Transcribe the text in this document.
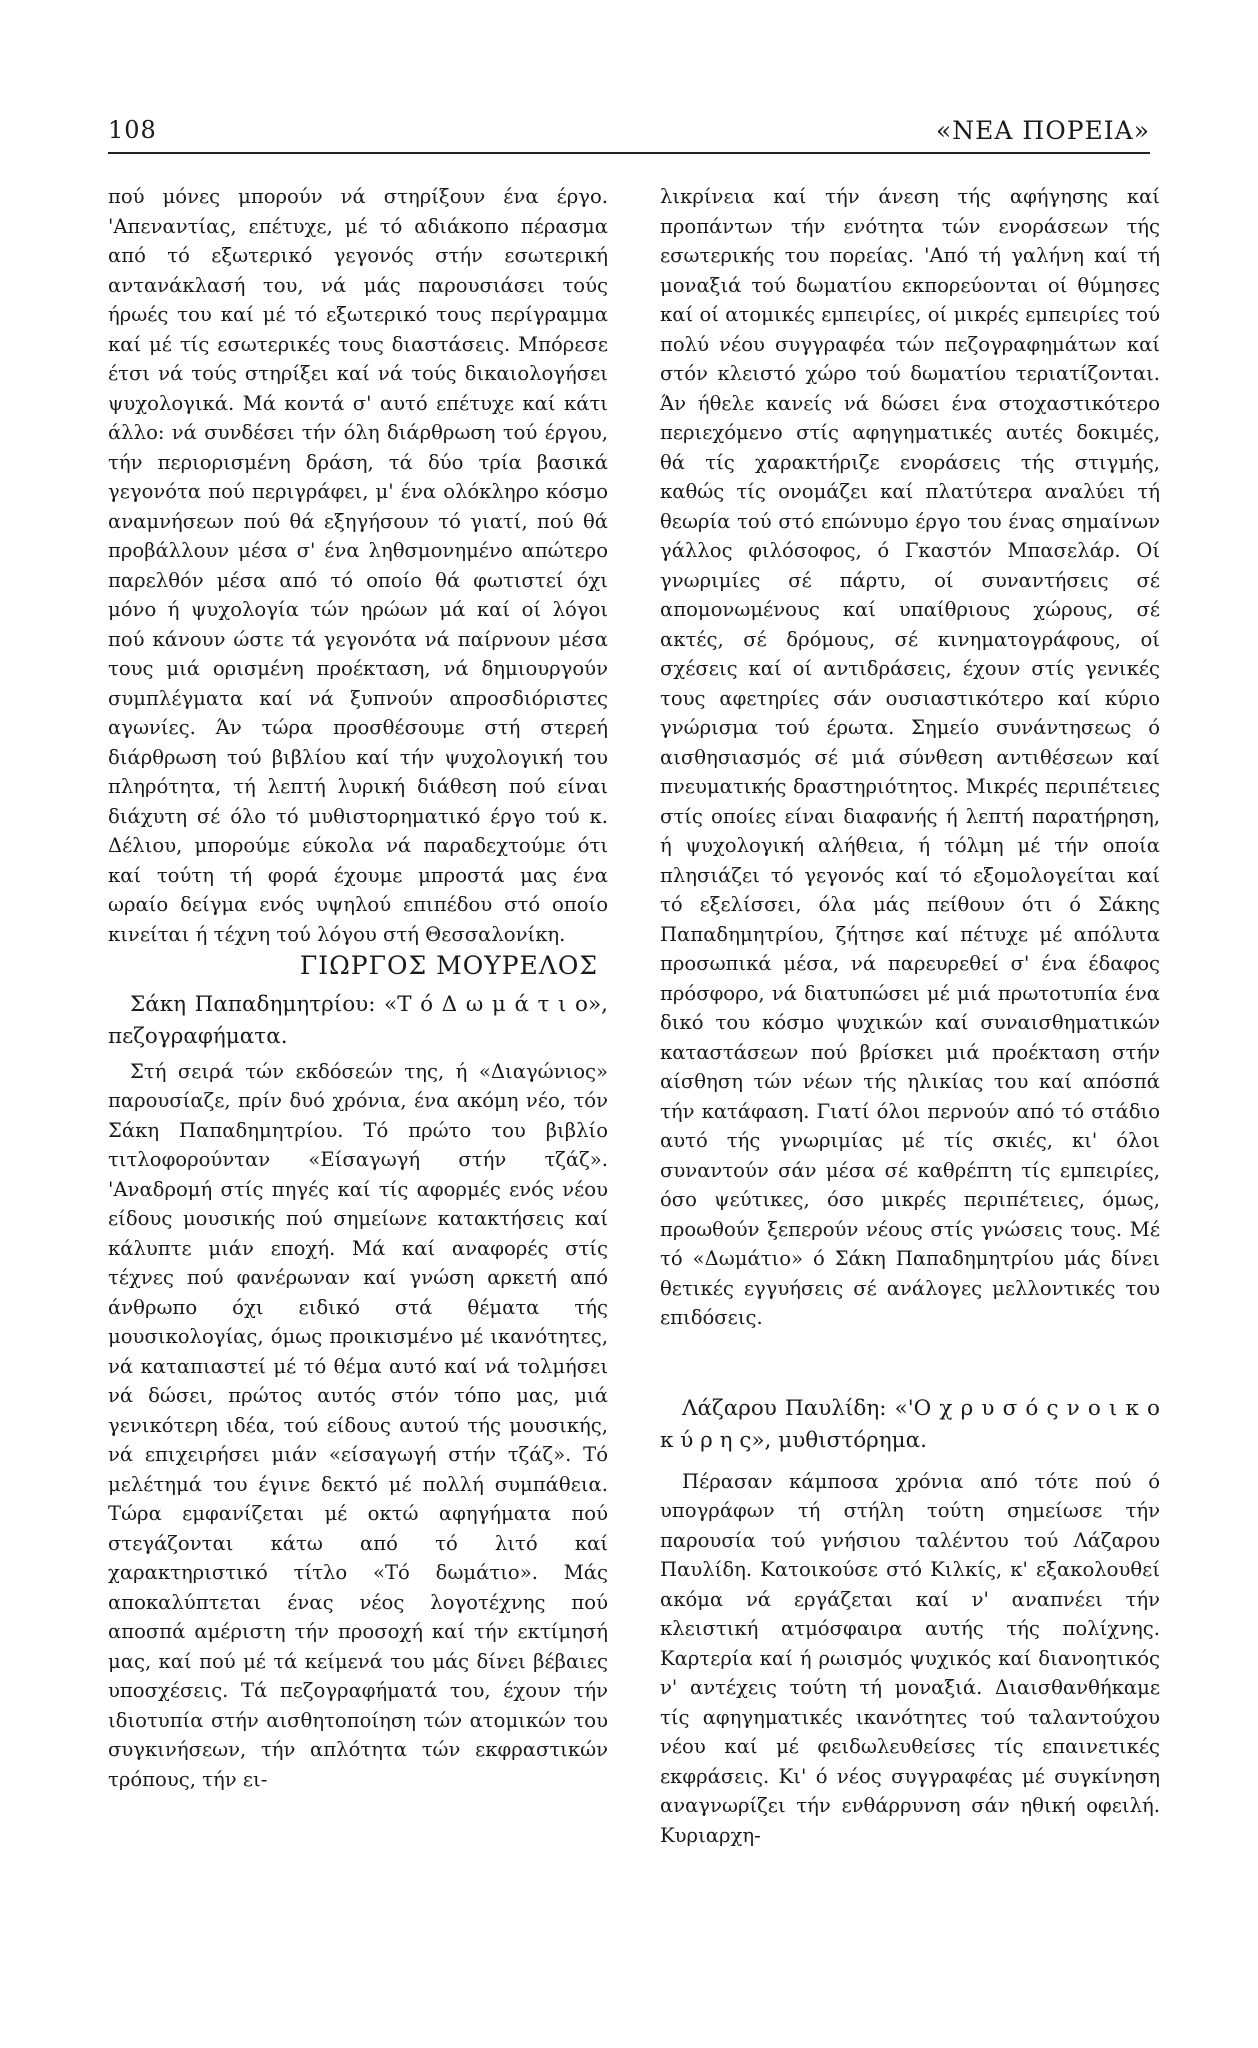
108	«ΝΕΑ ΠΟΡΕΙΑ»

πού μόνες μπορούν νά στηρίξουν ένα έργο. 'Απεναντίας, επέτυχε, μέ τό αδιάκοπο πέρασμα από τό εξωτερικό γεγονός στήν εσωτερική αντανάκλασή του, νά μάς παρουσιάσει τούς ήρωές του καί μέ τό εξωτερικό τους περίγραμμα καί μέ τίς εσωτερικές τους διαστάσεις. Μπόρεσε έτσι νά τούς στηρίξει καί νά τούς δικαιολογήσει ψυχολογικά. Μά κοντά σ' αυτό επέτυχε καί κάτι άλλο: νά συνδέσει τήν όλη διάρθρωση τού έργου, τήν περιορισμένη δράση, τά δύο τρία βασικά γεγονότα πού περιγράφει, μ' ένα ολόκληρο κόσμο αναμνήσεων πού θά εξηγήσουν τό γιατί, πού θά προβάλλουν μέσα σ' ένα ληθσμονημένο απώτερο παρελθόν μέσα από τό οποίο θά φωτιστεί όχι μόνο ή ψυχολογία τών ηρώων μά καί οί λόγοι πού κάνουν ώστε τά γεγονότα νά παίρνουν μέσα τους μιά ορισμένη προέκταση, νά δημιουργούν συμπλέγματα καί νά ξυπνούν απροσδιόριστες αγωνίες. Άν τώρα προσθέσουμε στή στερεή διάρθρωση τού βιβλίου καί τήν ψυχολογική του πληρότητα, τή λεπτή λυρική διάθεση πού είναι διάχυτη σέ όλο τό μυθιστορηματικό έργο τού κ. Δέλιου, μπορούμε εύκολα νά παραδεχτούμε ότι καί τούτη τή φορά έχουμε μπροστά μας ένα ωραίο δείγμα ενός υψηλού επιπέδου στό οποίο κινείται ή τέχνη τού λόγου στή Θεσσαλονίκη.

ΓΙΩΡΓΟΣ ΜΟΥΡΕΛΟΣ

Σάκη Παπαδημητρίου: «Τ ό Δ ω μ ά τ ι ο», πεζογραφήματα.

Στή σειρά τών εκδόσεών της, ή «Διαγώνιος» παρουσίαζε, πρίν δυό χρόνια, ένα ακόμη νέο, τόν Σάκη Παπαδημητρίου. Τό πρώτο του βιβλίο τιτλοφορούνταν «Είσαγωγή στήν τζάζ». 'Αναδρομή στίς πηγές καί τίς αφορμές ενός νέου είδους μουσικής πού σημείωνε κατακτήσεις καί κάλυπτε μιάν εποχή. Μά καί αναφορές στίς τέχνες πού φανέρωναν καί γνώση αρκετή από άνθρωπο όχι ειδικό στά θέματα τής μουσικολογίας, όμως προικισμένο μέ ικανότητες, νά καταπιαστεί μέ τό θέμα αυτό καί νά τολμήσει νά δώσει, πρώτος αυτός στόν τόπο μας, μιά γενικότερη ιδέα, τού είδους αυτού τής μουσικής, νά επιχειρήσει μιάν «είσαγωγή στήν τζάζ». Τό μελέτημά του έγινε δεκτό μέ πολλή συμπάθεια. Τώρα εμφανίζεται μέ οκτώ αφηγήματα πού στεγάζονται κάτω από τό λιτό καί χαρακτηριστικό τίτλο «Τό δωμάτιο». Μάς αποκαλύπτεται ένας νέος λογοτέχνης πού αποσπά αμέριστη τήν προσοχή καί τήν εκτίμησή μας, καί πού μέ τά κείμενά του μάς δίνει βέβαιες υποσχέσεις. Τά πεζογραφήματά του, έχουν τήν ιδιοτυπία στήν αισθητοποίηση τών ατομικών του συγκινήσεων, τήν απλότητα τών εκφραστικών τρόπους, τήν ει-

λικρίνεια καί τήν άνεση τής αφήγησης καί προπάντων τήν ενότητα τών ενοράσεων τής εσωτερικής του πορείας. 'Από τή γαλήνη καί τή μοναξιά τού δωματίου εκπορεύονται οί θύμησες καί οί ατομικές εμπειρίες, οί μικρές εμπειρίες τού πολύ νέου συγγραφέα τών πεζογραφημάτων καί στόν κλειστό χώρο τού δωματίου τεριατίζονται. Άν ήθελε κανείς νά δώσει ένα στοχαστικότερο περιεχόμενο στίς αφηγηματικές αυτές δοκιμές, θά τίς χαρακτήριζε ενοράσεις τής στιγμής, καθώς τίς ονομάζει καί πλατύτερα αναλύει τή θεωρία τού στό επώνυμο έργο του ένας σημαίνων γάλλος φιλόσοφος, ό Γκαστόν Μπασελάρ. Οί γνωριμίες σέ πάρτυ, οί συναντήσεις σέ απομονωμένους καί υπαίθριους χώρους, σέ ακτές, σέ δρόμους, σέ κινηματογράφους, οί σχέσεις καί οί αντιδράσεις, έχουν στίς γενικές τους αφετηρίες σάν ουσιαστικότερο καί κύριο γνώρισμα τού έρωτα. Σημείο συνάντησεως ό αισθησιασμός σέ μιά σύνθεση αντιθέσεων καί πνευματικής δραστηριότητος. Μικρές περιπέτειες στίς οποίες είναι διαφανής ή λεπτή παρατήρηση, ή ψυχολογική αλήθεια, ή τόλμη μέ τήν οποία πλησιάζει τό γεγονός καί τό εξομολογείται καί τό εξελίσσει, όλα μάς πείθουν ότι ό Σάκης Παπαδημητρίου, ζήτησε καί πέτυχε μέ απόλυτα προσωπικά μέσα, νά παρευρεθεί σ' ένα έδαφος πρόσφορο, νά διατυπώσει μέ μιά πρωτοτυπία ένα δικό του κόσμο ψυχικών καί συναισθηματικών καταστάσεων πού βρίσκει μιά προέκταση στήν αίσθηση τών νέων τής ηλικίας του καί απόσπά τήν κατάφαση. Γιατί όλοι περνούν από τό στάδιο αυτό τής γνωριμίας μέ τίς σκιές, κι' όλοι συναντούν σάν μέσα σέ καθρέπτη τίς εμπειρίες, όσο ψεύτικες, όσο μικρές περιπέτειες, όμως, προωθούν ξεπερούν νέους στίς γνώσεις τους. Μέ τό «Δωμάτιο» ό Σάκη Παπαδημητρίου μάς δίνει θετικές εγγυήσεις σέ ανάλογες μελλοντικές του επιδόσεις.

Λάζαρου Παυλίδη: «'Ο χ ρ υ σ ό ς ν ο ι κ ο κ ύ ρ η ς», μυθιστόρημα.

Πέρασαν κάμποσα χρόνια από τότε πού ό υπογράφων τή στήλη τούτη σημείωσε τήν παρουσία τού γνήσιου ταλέντου τού Λάζαρου Παυλίδη. Κατοικούσε στό Κιλκίς, κ' εξακολουθεί ακόμα νά εργάζεται καί ν' αναπνέει τήν κλειστική ατμόσφαιρα αυτής τής πολίχνης. Καρτερία καί ή ρωισμός ψυχικός καί διανοητικός ν' αντέχεις τούτη τή μοναξιά. Διαισθανθήκαμε τίς αφηγηματικές ικανότητες τού ταλαντούχου νέου καί μέ φειδωλευθείσες τίς επαινετικές εκφράσεις. Κι' ό νέος συγγραφέας μέ συγκίνηση αναγνωρίζει τήν ενθάρρυνση σάν ηθική οφειλή. Κυριαρχη-
